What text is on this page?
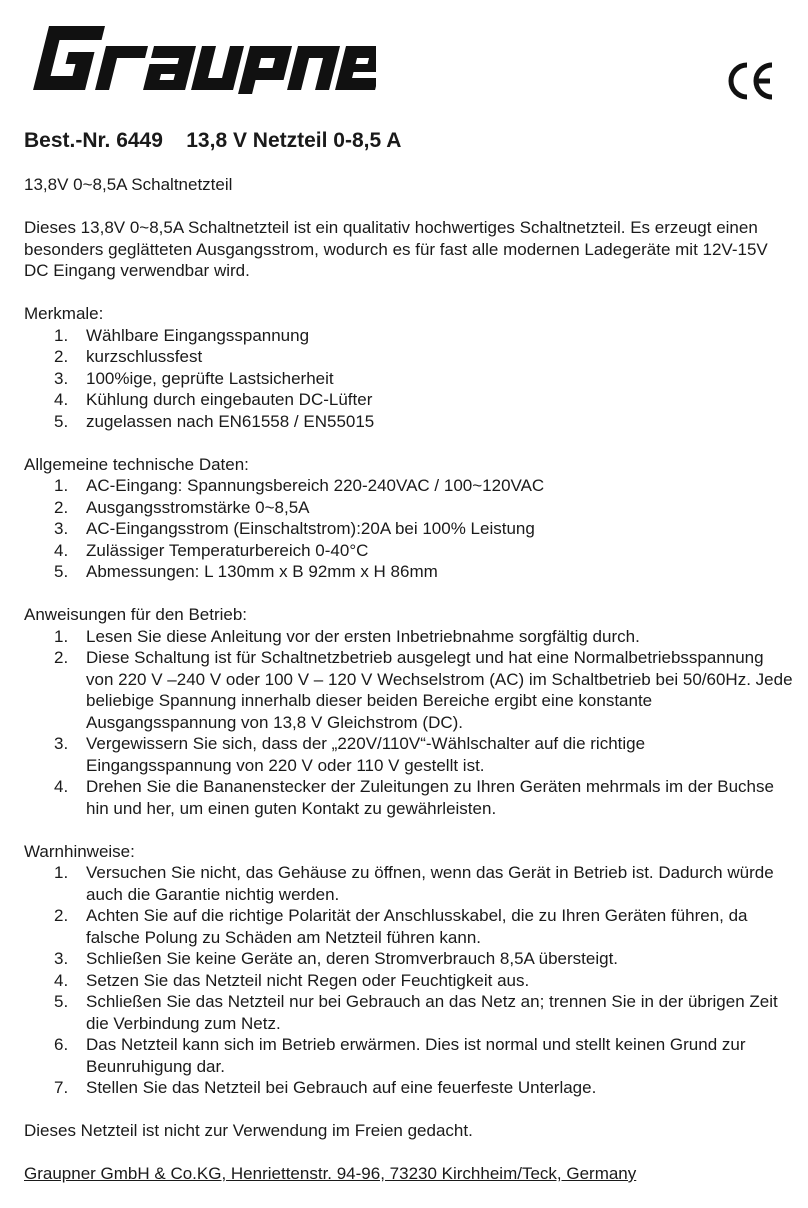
Best.-Nr. 6449    13,8 V Netzteil 0-8,5 A

13,8V 0~8,5A Schaltnetzteil

Dieses 13,8V 0~8,5A Schaltnetzteil ist ein qualitativ hochwertiges Schaltnetzteil. Es erzeugt einen besonders geglätteten Ausgangsstrom, wodurch es für fast alle modernen Ladegeräte mit 12V-15V DC Eingang verwendbar wird.

Merkmale:

1. Wählbare Eingangsspannung
2. kurzschlussfest
3. 100%ige, geprüfte Lastsicherheit
4. Kühlung durch eingebauten DC-Lüfter
5. zugelassen nach EN61558 / EN55015

Allgemeine technische Daten:

1. AC-Eingang: Spannungsbereich 220-240VAC / 100~120VAC
2. Ausgangsstromstärke 0~8,5A
3. AC-Eingangsstrom (Einschaltstrom):20A bei 100% Leistung
4. Zulässiger Temperaturbereich 0-40°C
5. Abmessungen: L 130mm x B 92mm x H 86mm

Anweisungen für den Betrieb:

1. Lesen Sie diese Anleitung vor der ersten Inbetriebnahme sorgfältig durch.
2. Diese Schaltung ist für Schaltnetzbetrieb ausgelegt und hat eine Normalbetriebsspannung von 220 V –240 V oder 100 V – 120 V Wechselstrom (AC) im Schaltbetrieb bei 50/60Hz. Jede beliebige Spannung innerhalb dieser beiden Bereiche ergibt eine konstante Ausgangsspannung von 13,8 V Gleichstrom (DC).
3. Vergewissern Sie sich, dass der „220V/110V“-Wählschalter auf die richtige Eingangsspannung von 220 V oder 110 V gestellt ist.
4. Drehen Sie die Bananenstecker der Zuleitungen zu Ihren Geräten mehrmals im der Buchse hin und her, um einen guten Kontakt zu gewährleisten.

Warnhinweise:

1. Versuchen Sie nicht, das Gehäuse zu öffnen, wenn das Gerät in Betrieb ist. Dadurch würde auch die Garantie nichtig werden.
2. Achten Sie auf die richtige Polarität der Anschlusskabel, die zu Ihren Geräten führen, da falsche Polung zu Schäden am Netzteil führen kann.
3. Schließen Sie keine Geräte an, deren Stromverbrauch 8,5A übersteigt.
4. Setzen Sie das Netzteil nicht Regen oder Feuchtigkeit aus.
5. Schließen Sie das Netzteil nur bei Gebrauch an das Netz an; trennen Sie in der übrigen Zeit die Verbindung zum Netz.
6. Das Netzteil kann sich im Betrieb erwärmen. Dies ist normal und stellt keinen Grund zur Beunruhigung dar.
7. Stellen Sie das Netzteil bei Gebrauch auf eine feuerfeste Unterlage.

Dieses Netzteil ist nicht zur Verwendung im Freien gedacht.

Graupner GmbH & Co.KG, Henriettenstr. 94-96, 73230 Kirchheim/Teck, Germany
